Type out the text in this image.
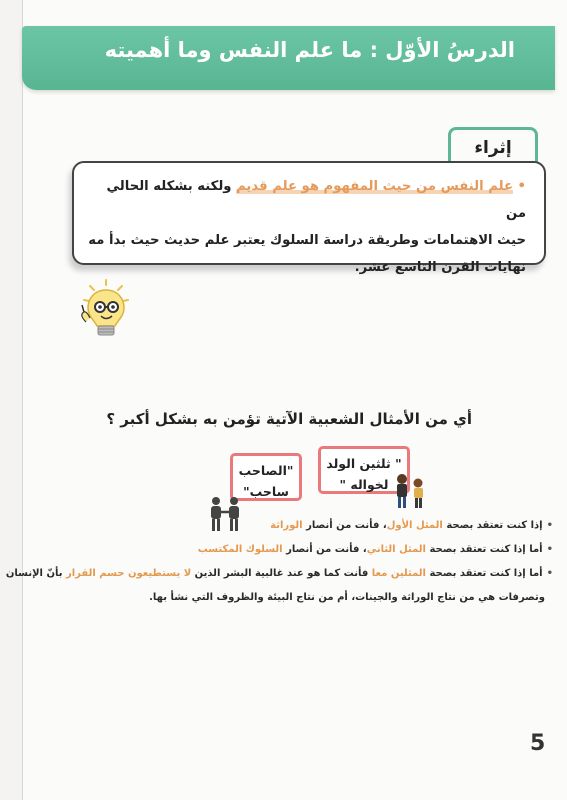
الدرسُ الأوّل : ما علم النفس وما أهميته
إثراء
• علم النفس من حيث المفهوم هو علم قديم ولكنه بشكله الحالي من
حيث الاهتمامات وطريقة دراسة السلوك يعتبر علم حديث حيث بدأ مه
نهايات القرن التاسع عشر.
أي من الأمثال الشعبية الآتية تؤمن به بشكل أكبر ؟
" ثلثين الولد
لخواله "
"الصاحب
ساحب"
•إذا كنت تعتقد بصحة المثل الأول، فأنت من أنصار الوراثة
•أما إذا كنت تعتقد بصحة المثل الثاني، فأنت من أنصار السلوك المكتسب
•أما إذا كنت تعتقد بصحة المثلين معا فأنت كما هو عند غالبية البشر الذين لا يستطيعون حسم القرار بأنّ الإنسان
وتصرفات هي من نتاج الوراثة والجينات، أم من نتاج البيئة والظروف التي نشأ بها.
5
